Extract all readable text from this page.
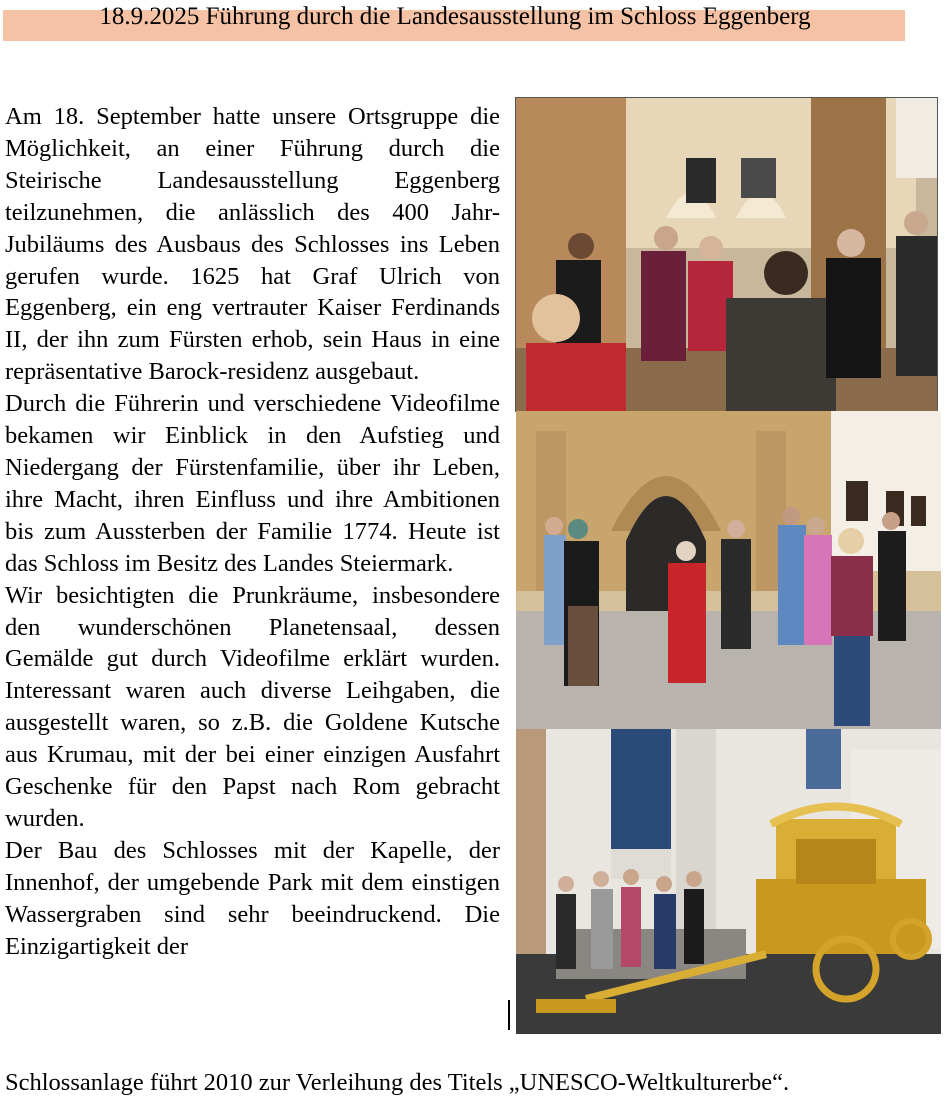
18.9.2025 Führung durch die Landesausstellung im Schloss Eggenberg

Am 18. September hatte unsere Ortsgruppe die Möglichkeit, an einer Führung durch die Steirische Landesausstellung Eggenberg teilzunehmen, die anlässlich des 400 Jahr-Jubiläums des Ausbaus des Schlosses ins Leben gerufen wurde. 1625 hat Graf Ulrich von Eggenberg, ein eng vertrauter Kaiser Ferdinands II, der ihn zum Fürsten erhob, sein Haus in eine repräsentative Barock-residenz ausgebaut.

Durch die Führerin und verschiedene Videofilme bekamen wir Einblick in den Aufstieg und Niedergang der Fürstenfamilie, über ihr Leben, ihre Macht, ihren Einfluss und ihre Ambitionen bis zum Aussterben der Familie 1774. Heute ist das Schloss im Besitz des Landes Steiermark.

Wir besichtigten die Prunkräume, insbesondere den wunderschönen Planetensaal, dessen Gemälde gut durch Videofilme erklärt wurden. Interessant waren auch diverse Leihgaben, die ausgestellt waren, so z.B. die Goldene Kutsche aus Krumau, mit der bei einer einzigen Ausfahrt Geschenke für den Papst nach Rom gebracht wurden.

Der Bau des Schlosses mit der Kapelle, der Innenhof, der umgebende Park mit dem einstigen Wassergraben sind sehr beeindruckend. Die Einzigartigkeit der

Schlossanlage führt 2010 zur Verleihung des Titels „UNESCO-Weltkulturerbe“.
